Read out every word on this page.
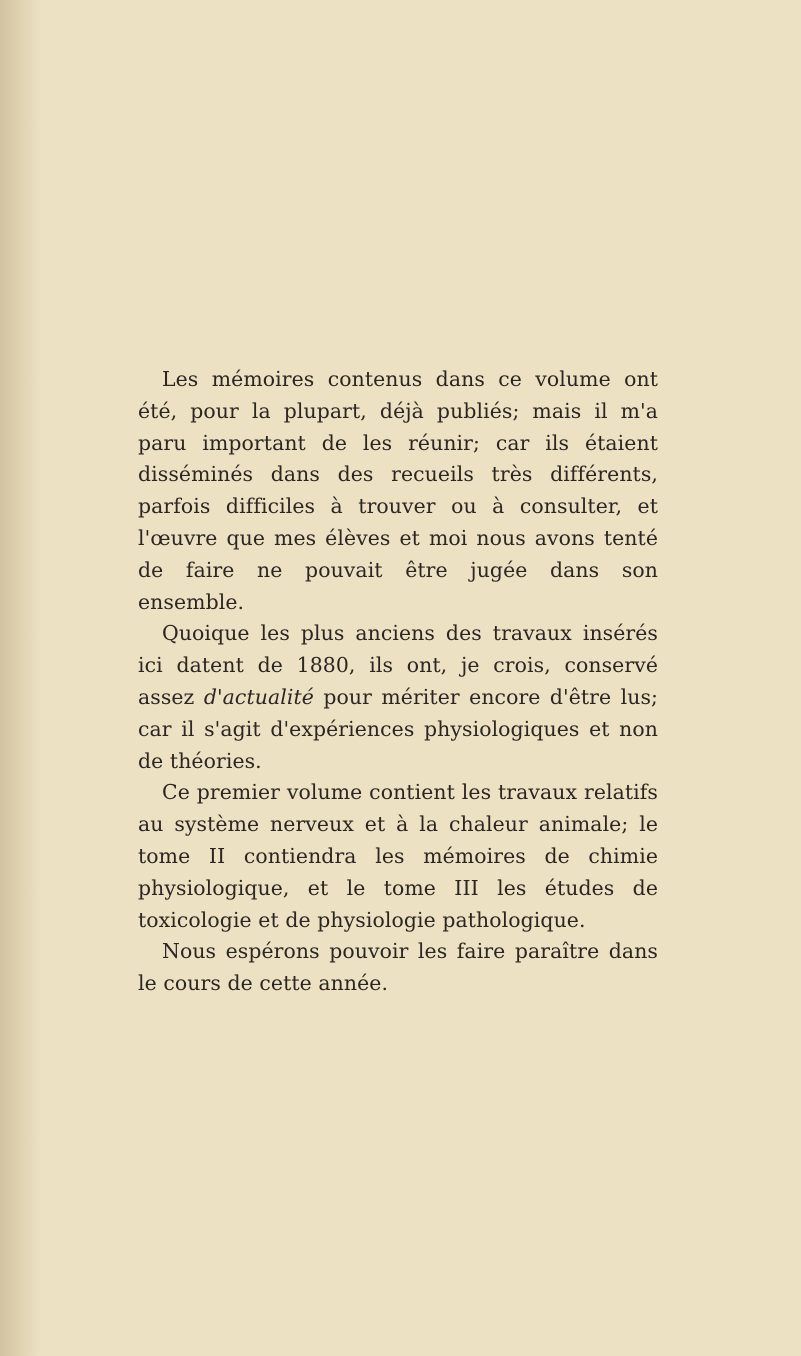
Les mémoires contenus dans ce volume ont été, pour la plupart, déjà publiés; mais il m'a paru important de les réunir; car ils étaient disséminés dans des recueils très différents, parfois difficiles à trouver ou à consulter, et l'œuvre que mes élèves et moi nous avons tenté de faire ne pouvait être jugée dans son ensemble.

Quoique les plus anciens des travaux insérés ici datent de 1880, ils ont, je crois, conservé assez d'actualité pour mériter encore d'être lus; car il s'agit d'expériences physiologiques et non de théories.

Ce premier volume contient les travaux relatifs au système nerveux et à la chaleur animale; le tome II contiendra les mémoires de chimie physiologique, et le tome III les études de toxicologie et de physiologie pathologique.

Nous espérons pouvoir les faire paraître dans le cours de cette année.
